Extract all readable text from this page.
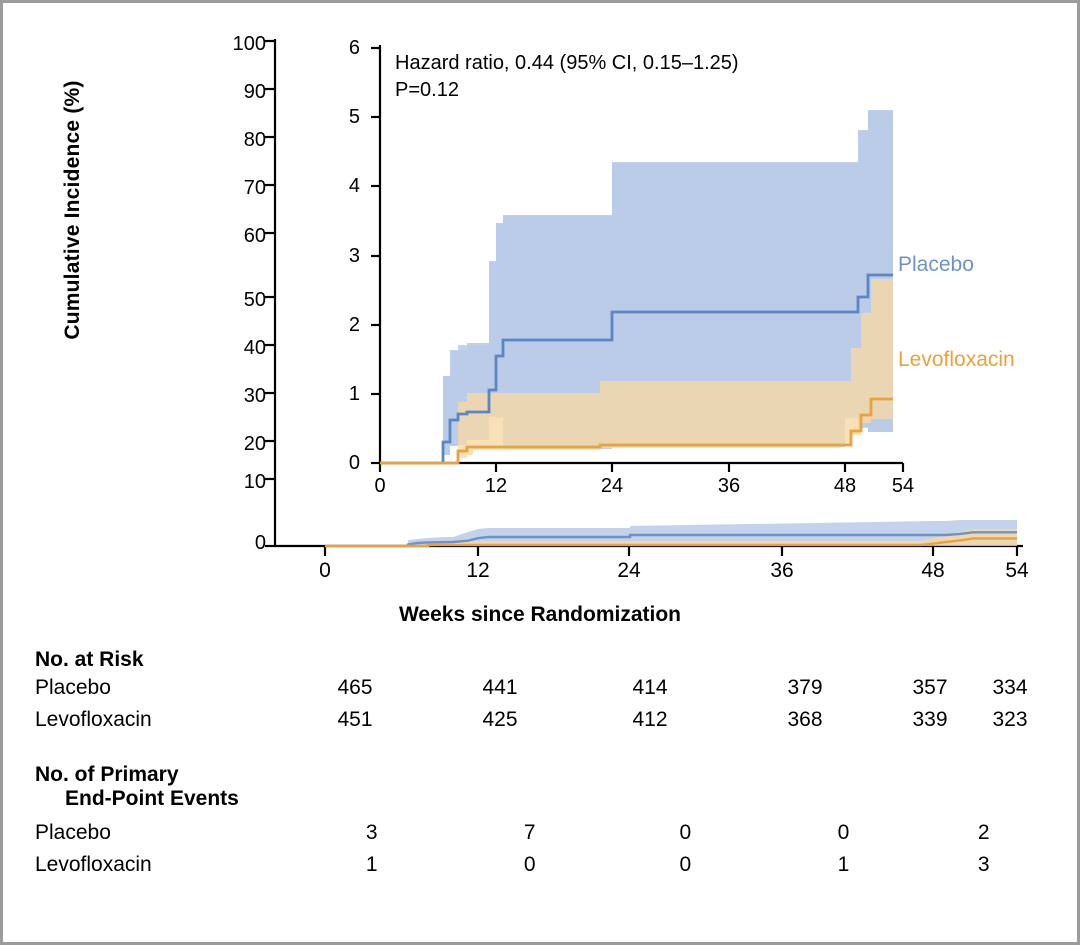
Cumulative Incidence (%)
100
90
80
70
60
50
40
30
20
10
0
Hazard ratio, 0.44 (95% CI, 0.15–1.25)
P=0.12
6
5
4
3
2
1
0
0	12	24	36	48	54
0	12	24	36	48	54
Placebo
Levofloxacin
Weeks since Randomization
No. at Risk
Placebo	465	441	414	379	357	334
Levofloxacin	451	425	412	368	339	323
No. of Primary
End-Point Events
Placebo	3	7	0	0	2
Levofloxacin	1	0	0	1	3
